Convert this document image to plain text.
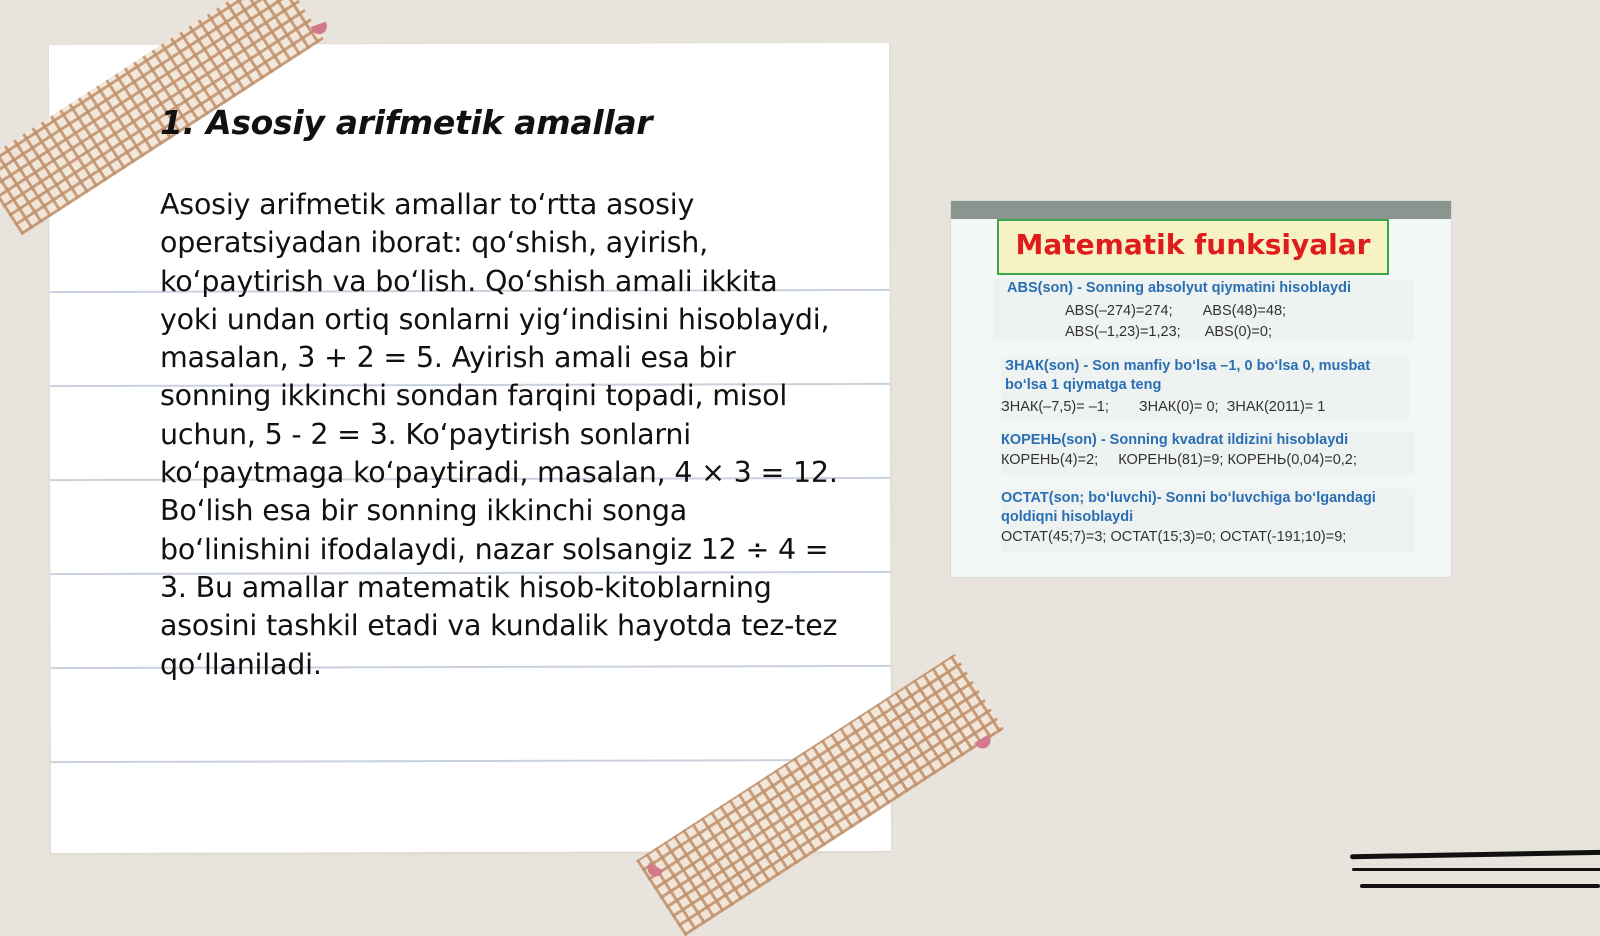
1. Asosiy arifmetik amallar

Asosiy arifmetik amallar to‘rtta asosiy operatsiyadan iborat: qo‘shish, ayirish, ko‘paytirish va bo‘lish. Qo‘shish amali ikkita yoki undan ortiq sonlarni yig‘indisini hisoblaydi, masalan, 3 + 2 = 5. Ayirish amali esa bir sonning ikkinchi sondan farqini topadi, misol uchun, 5 - 2 = 3. Ko‘paytirish sonlarni ko‘paytmaga ko‘paytiradi, masalan, 4 × 3 = 12. Bo‘lish esa bir sonning ikkinchi songa bo‘linishini ifodalaydi, nazar solsangiz 12 ÷ 4 = 3. Bu amallar matematik hisob-kitoblarning asosini tashkil etadi va kundalik hayotda tez-tez qo‘llaniladi.

Matematik funksiyalar
ABS(son) - Sonning absolyut qiymatini hisoblaydi
ABS(–274)=274; ABS(48)=48;
ABS(–1,23)=1,23; ABS(0)=0;
ЗНАК(son) - Son manfiy bo‘lsa –1, 0 bo‘lsa 0, musbat bo‘lsa 1 qiymatga teng
ЗНАК(–7,5)= –1; ЗНАК(0)= 0; ЗНАК(2011)= 1
КОРЕНЬ(son) - Sonning kvadrat ildizini hisoblaydi
КОРЕНЬ(4)=2; КОРЕНЬ(81)=9; КОРЕНЬ(0,04)=0,2;
OCTAT(son; bo‘luvchi)- Sonni bo‘luvchiga bo‘lgandagi qoldiqni hisoblaydi
OCTAT(45;7)=3; OCTAT(15;3)=0; OCTAT(-191;10)=9;
